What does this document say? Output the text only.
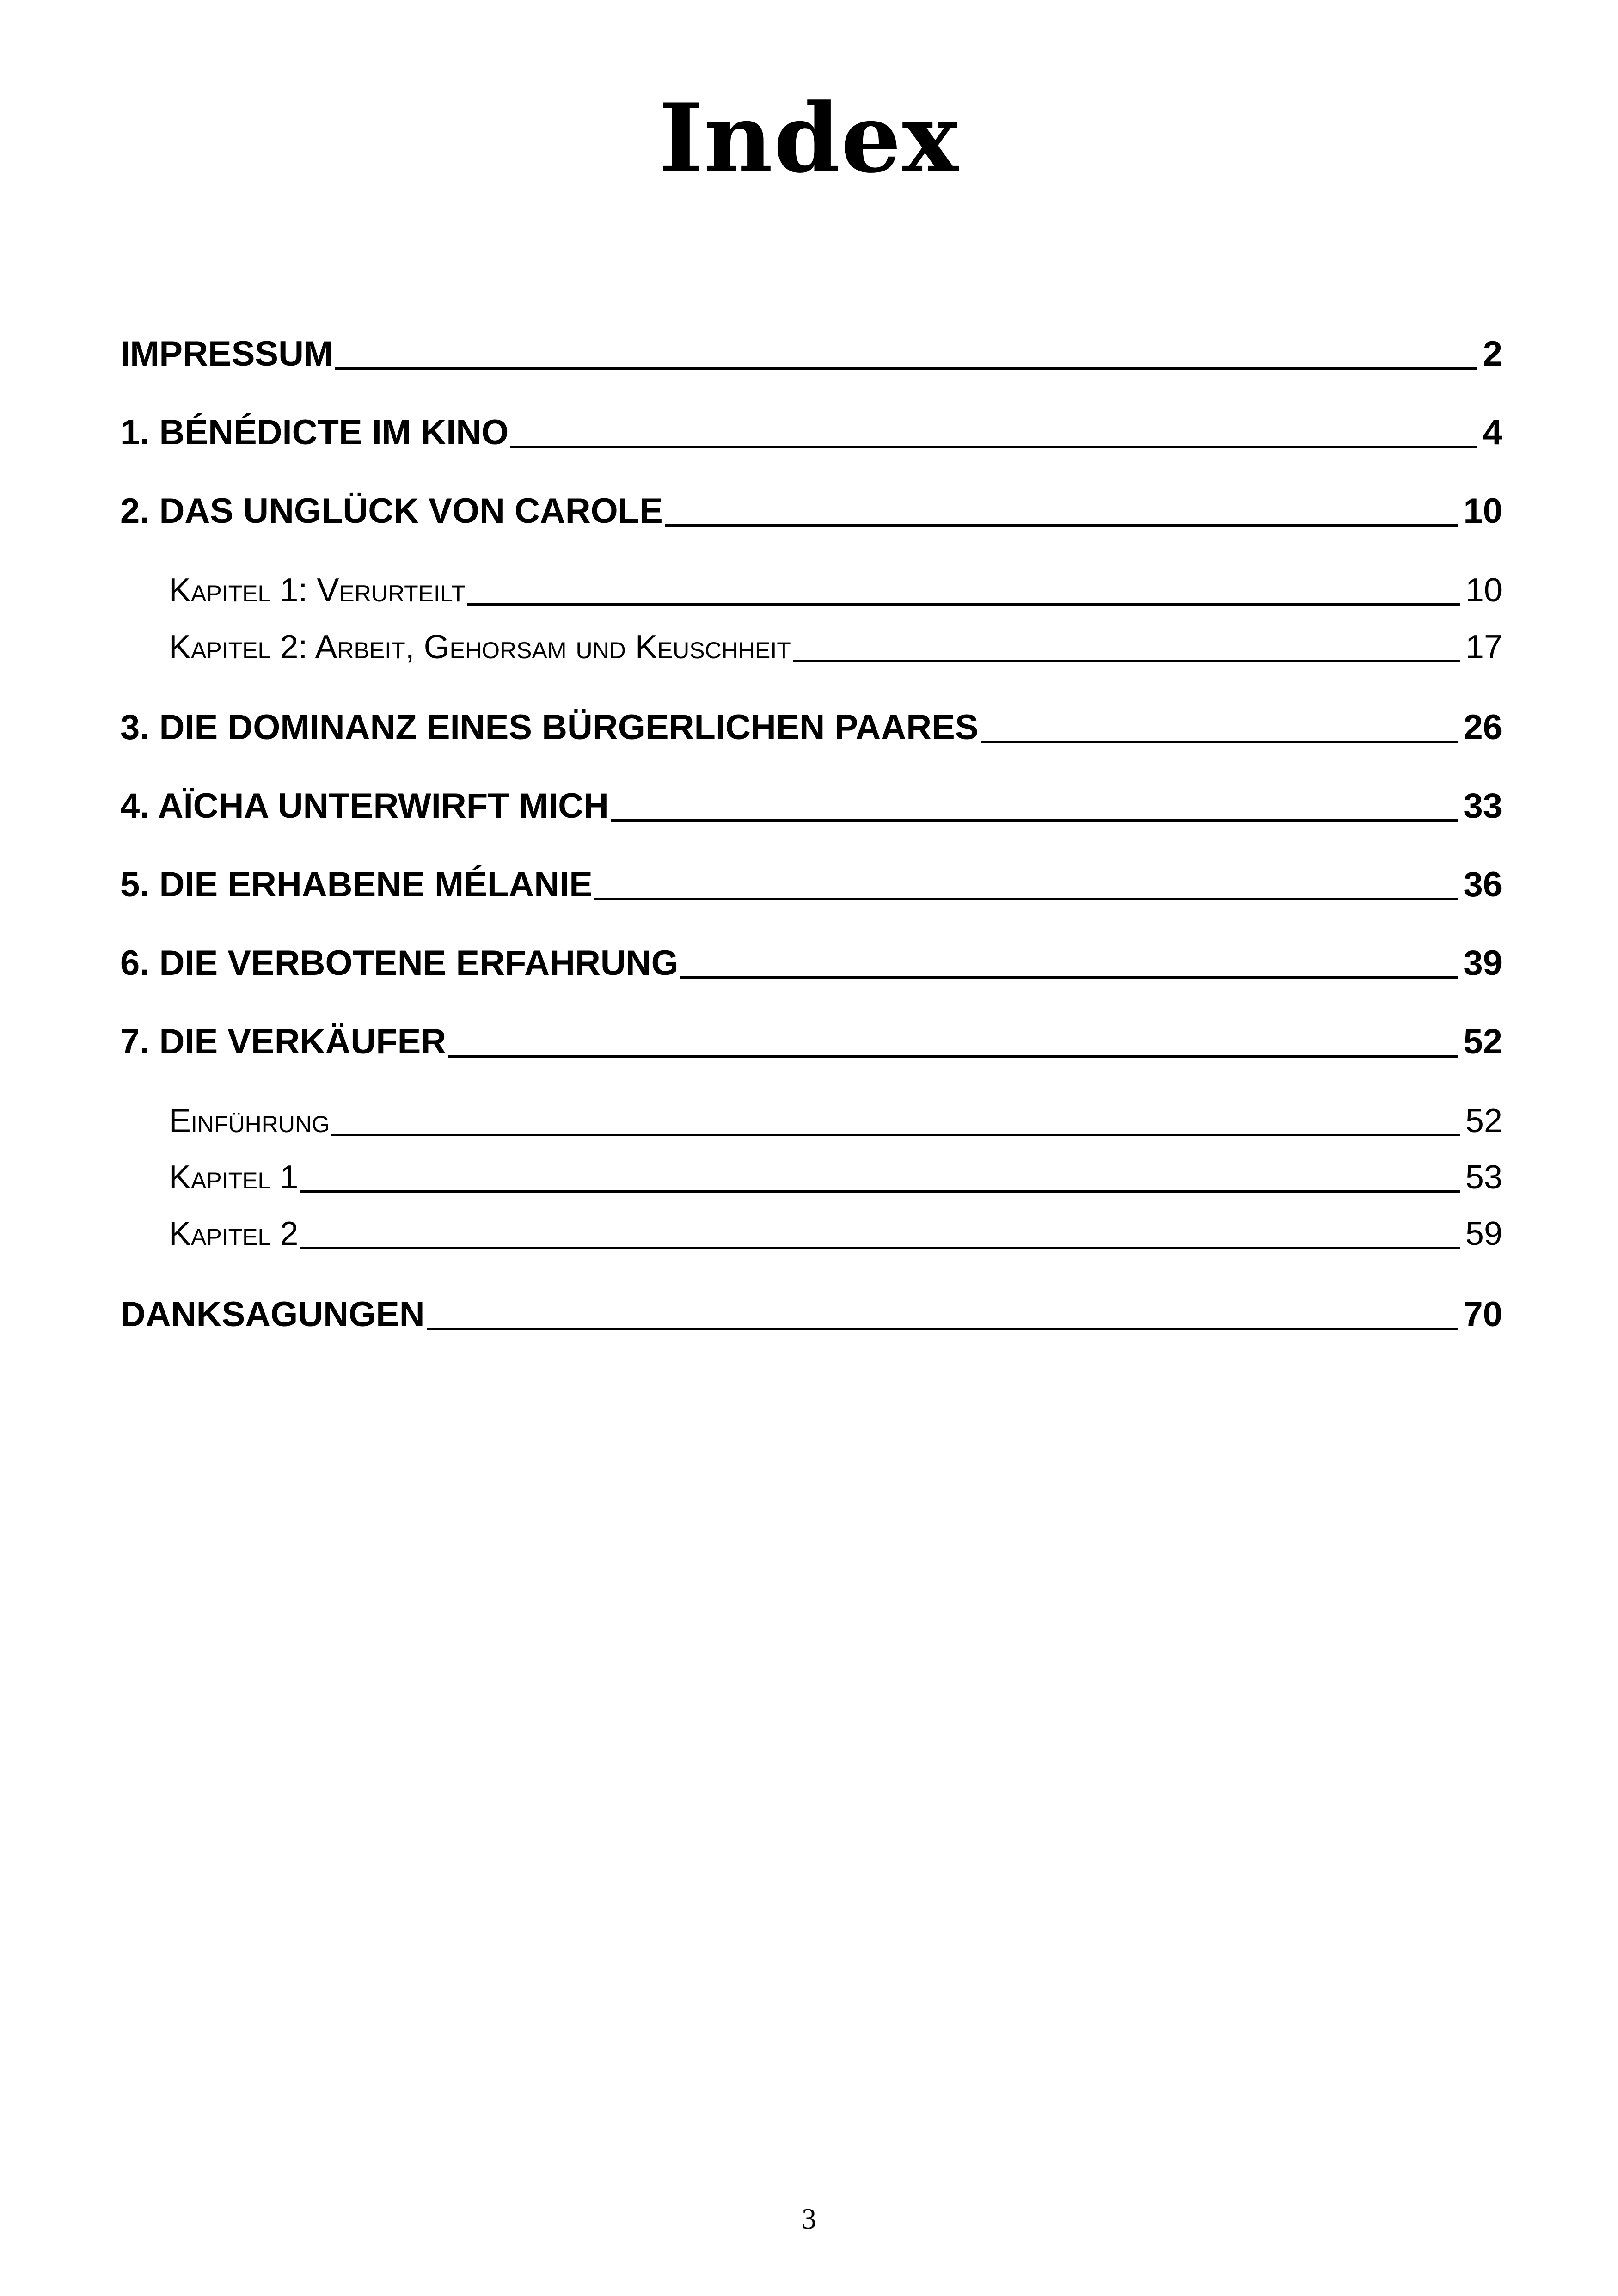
Index
IMPRESSUM	2
1. BÉNÉDICTE IM KINO	4
2. DAS UNGLÜCK VON CAROLE	10
Kapitel 1: Verurteilt	10
Kapitel 2: Arbeit, Gehorsam und Keuschheit	17
3. DIE DOMINANZ EINES BÜRGERLICHEN PAARES	26
4. AÏCHA UNTERWIRFT MICH	33
5. DIE ERHABENE MÉLANIE	36
6. DIE VERBOTENE ERFAHRUNG	39
7. DIE VERKÄUFER	52
Einführung	52
Kapitel 1	53
Kapitel 2	59
DANKSAGUNGEN	70
3
